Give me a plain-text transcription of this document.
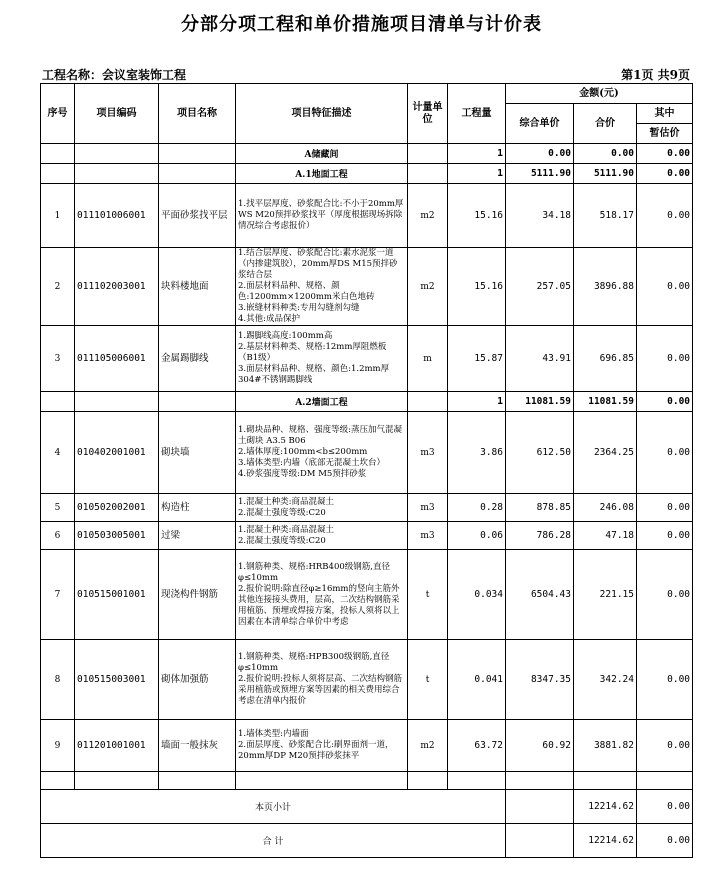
分部分项工程和单价措施项目清单与计价表
工程名称：会议室装饰工程	第1页 共9页
序号	项目编码	项目名称	项目特征描述	计量单位	工程量	金额(元)		
						综合单价	合价	其中
								暂估价
			A储藏间		1	0.00	0.00	0.00
			A.1地面工程		1	5111.90	5111.90	0.00
1	011101006001	平面砂浆找平层	1.找平层厚度、砂浆配合比:不小于20mm厚WS M20预拌砂浆找平（厚度根据现场拆除情况综合考虑报价）	m2	15.16	34.18	518.17	0.00
2	011102003001	块料楼地面	1.结合层厚度、砂浆配合比:素水泥浆一道（内掺建筑胶），20mm厚DS M15预拌砂浆结合层
2.面层材料品种、规格、颜色:1200mm×1200mm米白色地砖
3.嵌缝材料种类:专用勾缝剂勾缝
4.其他:成品保护	m2	15.16	257.05	3896.88	0.00
3	011105006001	金属踢脚线	1.踢脚线高度:100mm高
2.基层材料种类、规格:12mm厚阻燃板（B1级）
3.面层材料品种、规格、颜色:1.2mm厚304#不锈钢踢脚线	m	15.87	43.91	696.85	0.00
			A.2墙面工程		1	11081.59	11081.59	0.00
4	010402001001	砌块墙	1.砌块品种、规格、强度等级:蒸压加气混凝土砌块 A3.5 B06
2.墙体厚度:100mm<b≤200mm
3.墙体类型:内墙（底部无混凝土坎台）
4.砂浆强度等级:DM M5预拌砂浆	m3	3.86	612.50	2364.25	0.00
5	010502002001	构造柱	1.混凝土种类:商品混凝土
2.混凝土强度等级:C20	m3	0.28	878.85	246.08	0.00
6	010503005001	过梁	1.混凝土种类:商品混凝土
2.混凝土强度等级:C20	m3	0.06	786.28	47.18	0.00
7	010515001001	现浇构件钢筋	1.钢筋种类、规格:HRB400级钢筋,直径φ≤10mm
2.报价说明:除直径φ≥16mm的竖向主筋外其他连接接头费用，层高，二次结构钢筋采用植筋、预埋或焊接方案，投标人须将以上因素在本清单综合单价中考虑	t	0.034	6504.43	221.15	0.00
8	010515003001	砌体加强筋	1.钢筋种类、规格:HPB300级钢筋,直径φ≤10mm
2.报价说明:投标人须将层高、二次结构钢筋采用植筋或预埋方案等因素的相关费用综合考虑在清单内报价	t	0.041	8347.35	342.24	0.00
9	011201001001	墙面一般抹灰	1.墙体类型:内墙面
2.面层厚度、砂浆配合比:刷界面剂一道，20mm厚DP M20预拌砂浆抹平	m2	63.72	60.92	3881.82	0.00

本页小计							12214.62	0.00
合 计							12214.62	0.00
